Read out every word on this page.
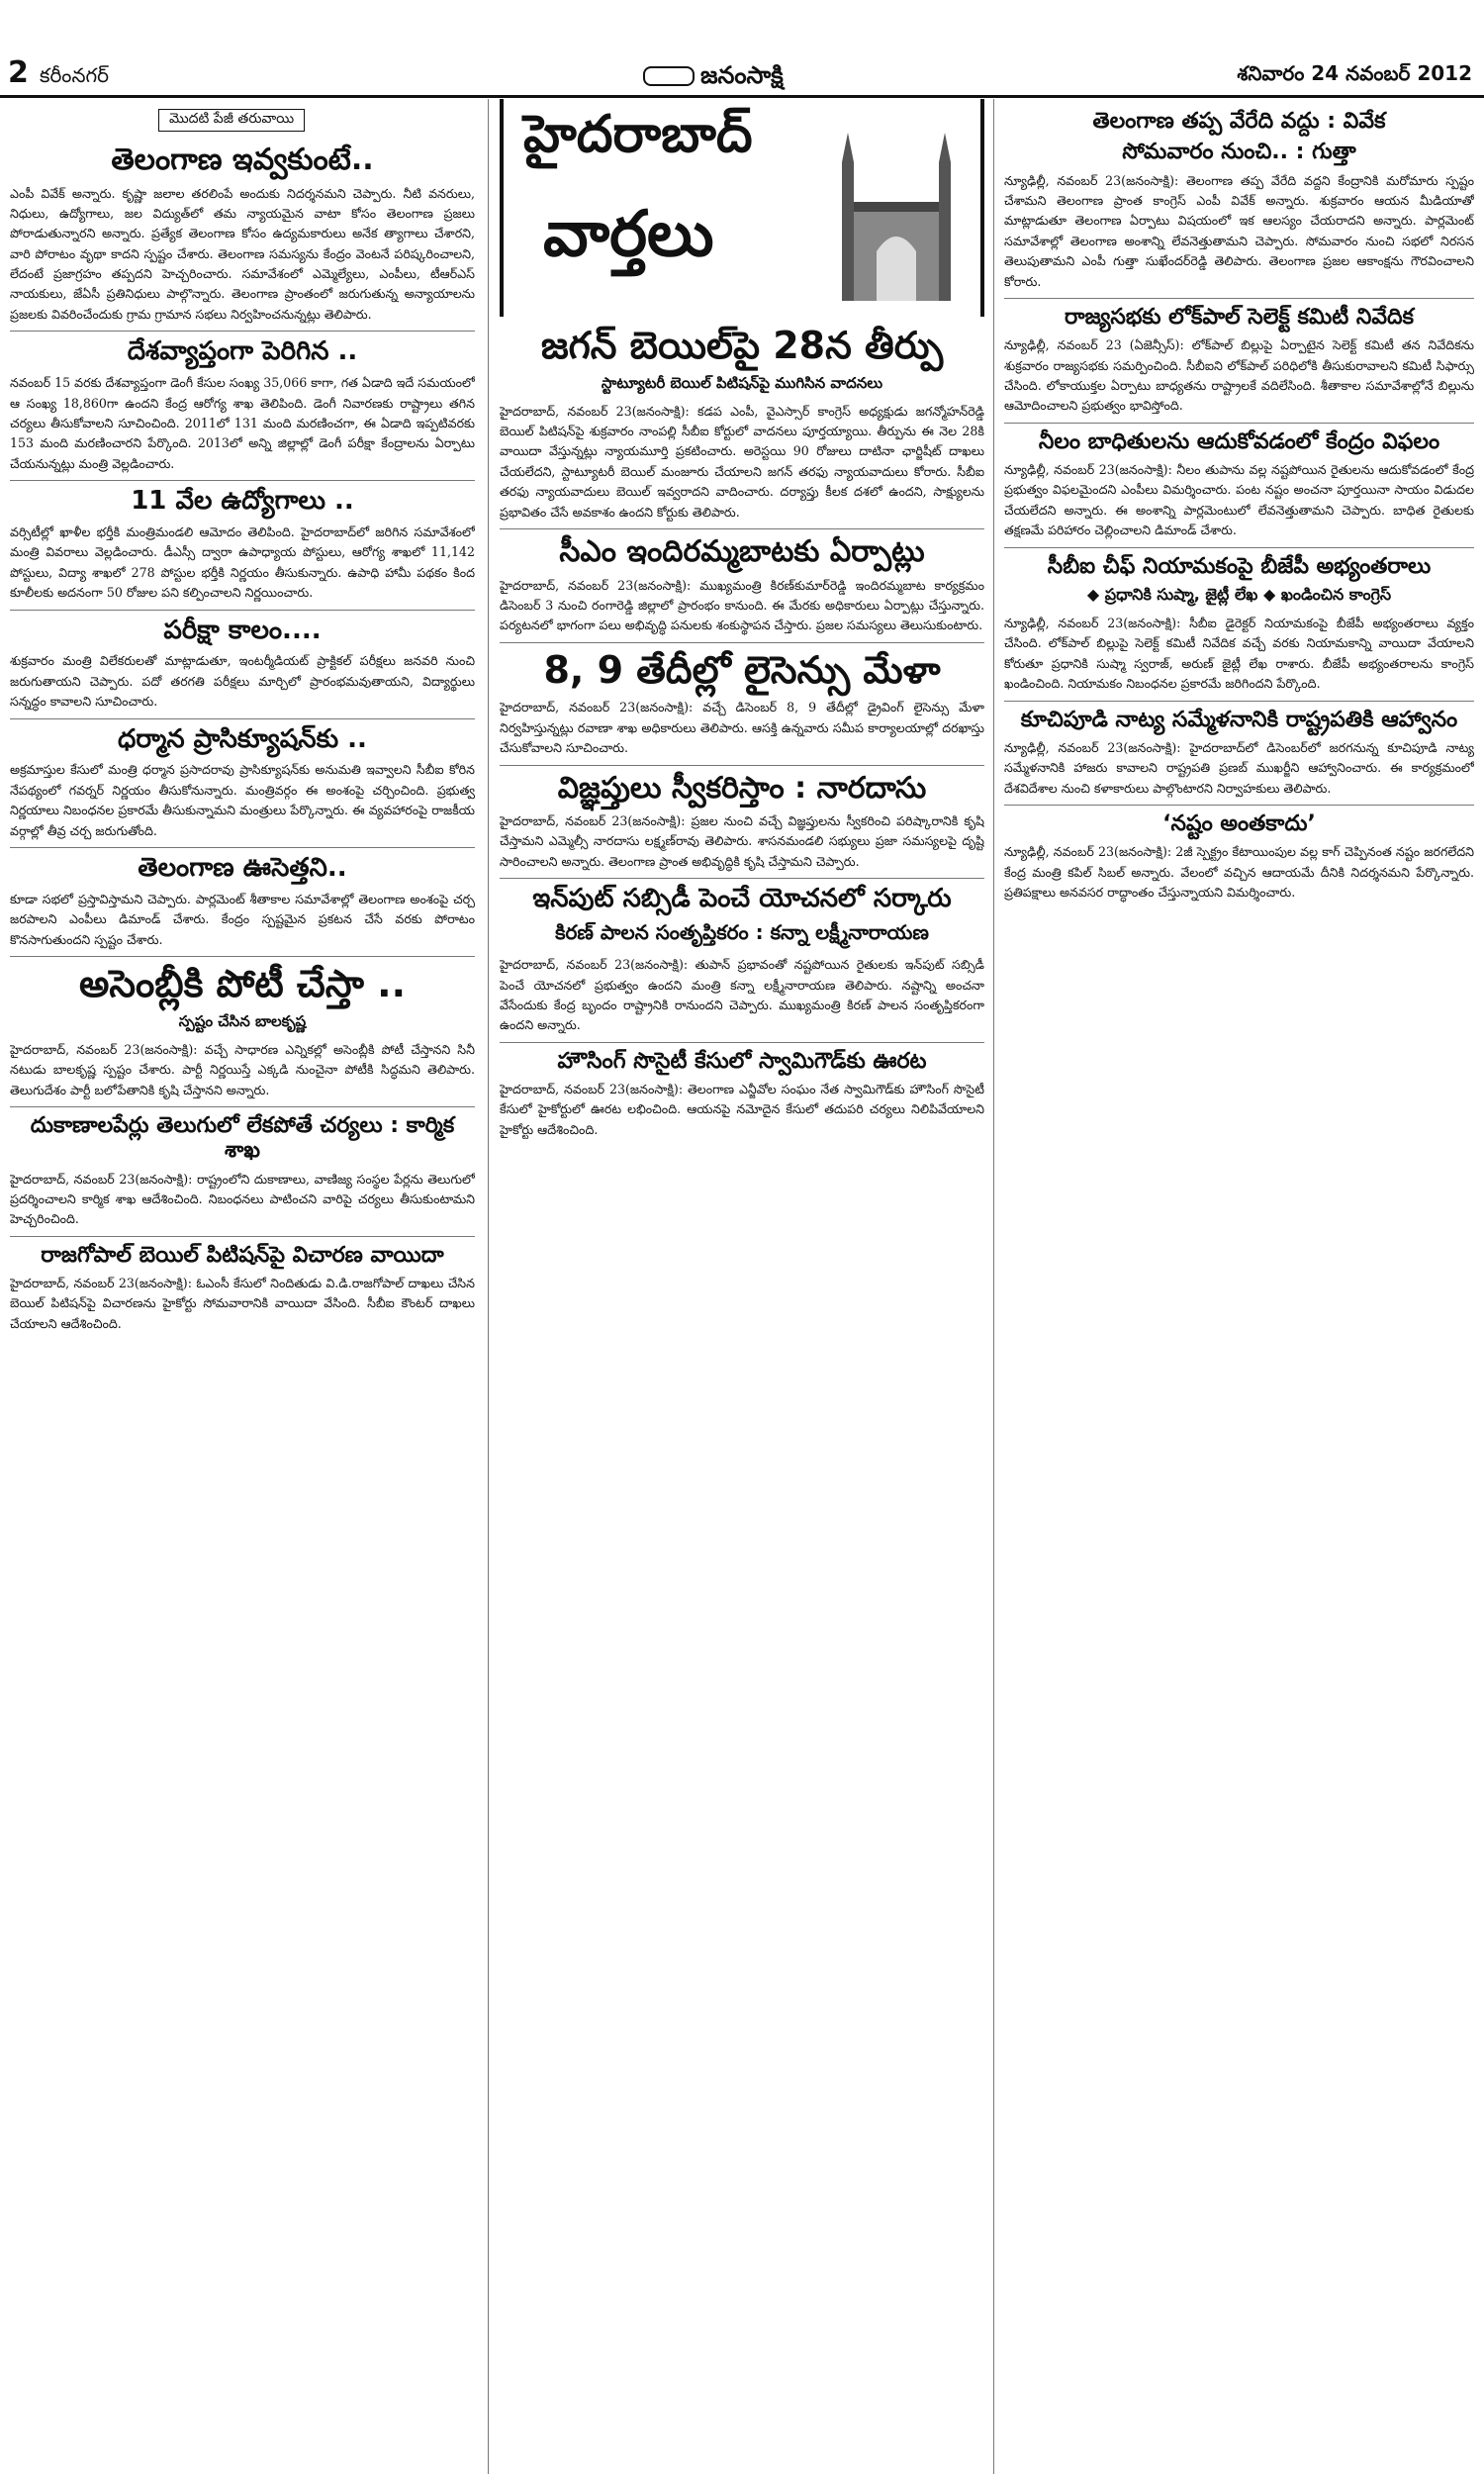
2 కరీంనగర్	జనంసాక్షి	శనివారం 24 నవంబర్ 2012
మొదటి పేజీ తరువాయి
తెలంగాణ ఇవ్వకుంటే..

ఎంపీ వివేక్ అన్నారు. కృష్ణా జలాల తరలింపే అందుకు నిదర్శనమని చెప్పారు. నీటి వనరులు, నిధులు, ఉద్యోగాలు, జల విద్యుత్‌లో తమ న్యాయమైన వాటా కోసం తెలంగాణ ప్రజలు పోరాడుతున్నారని అన్నారు. ప్రత్యేక తెలంగాణ కోసం ఉద్యమకారులు అనేక త్యాగాలు చేశారని, వారి పోరాటం వృథా కాదని స్పష్టం చేశారు. తెలంగాణ సమస్యను కేంద్రం వెంటనే పరిష్కరించాలని, లేదంటే ప్రజాగ్రహం తప్పదని హెచ్చరించారు. సమావేశంలో ఎమ్మెల్యేలు, ఎంపీలు, టీఆర్‌ఎస్ నాయకులు, జేఏసీ ప్రతినిధులు పాల్గొన్నారు. తెలంగాణ ప్రాంతంలో జరుగుతున్న అన్యాయాలను ప్రజలకు వివరించేందుకు గ్రామ గ్రామాన సభలు నిర్వహించనున్నట్లు తెలిపారు.

దేశవ్యాప్తంగా పెరిగిన ..

నవంబర్ 15 వరకు దేశవ్యాప్తంగా డెంగీ కేసుల సంఖ్య 35,066 కాగా, గత ఏడాది ఇదే సమయంలో ఆ సంఖ్య 18,860గా ఉందని కేంద్ర ఆరోగ్య శాఖ తెలిపింది. డెంగీ నివారణకు రాష్ట్రాలు తగిన చర్యలు తీసుకోవాలని సూచించింది. 2011లో 131 మంది మరణించగా, ఈ ఏడాది ఇప్పటివరకు 153 మంది మరణించారని పేర్కొంది. 2013లో అన్ని జిల్లాల్లో డెంగీ పరీక్షా కేంద్రాలను ఏర్పాటు చేయనున్నట్లు మంత్రి వెల్లడించారు.

11 వేల ఉద్యోగాలు ..

వర్సిటీల్లో ఖాళీల భర్తీకి మంత్రిమండలి ఆమోదం తెలిపింది. హైదరాబాద్‌లో జరిగిన సమావేశంలో మంత్రి వివరాలు వెల్లడించారు. డీఎస్సీ ద్వారా ఉపాధ్యాయ పోస్టులు, ఆరోగ్య శాఖలో 11,142 పోస్టులు, విద్యా శాఖలో 278 పోస్టుల భర్తీకి నిర్ణయం తీసుకున్నారు. ఉపాధి హామీ పథకం కింద కూలీలకు అదనంగా 50 రోజుల పని కల్పించాలని నిర్ణయించారు.

పరీక్షా కాలం....

శుక్రవారం మంత్రి విలేకరులతో మాట్లాడుతూ, ఇంటర్మీడియట్ ప్రాక్టికల్ పరీక్షలు జనవరి నుంచి జరుగుతాయని చెప్పారు. పదో తరగతి పరీక్షలు మార్చిలో ప్రారంభమవుతాయని, విద్యార్థులు సన్నద్ధం కావాలని సూచించారు.

ధర్మాన ప్రాసిక్యూషన్‌కు ..

అక్రమాస్తుల కేసులో మంత్రి ధర్మాన ప్రసాదరావు ప్రాసిక్యూషన్‌కు అనుమతి ఇవ్వాలని సీబీఐ కోరిన నేపథ్యంలో గవర్నర్ నిర్ణయం తీసుకోనున్నారు. మంత్రివర్గం ఈ అంశంపై చర్చించింది. ప్రభుత్వ నిర్ణయాలు నిబంధనల ప్రకారమే తీసుకున్నామని మంత్రులు పేర్కొన్నారు. ఈ వ్యవహారంపై రాజకీయ వర్గాల్లో తీవ్ర చర్చ జరుగుతోంది.

తెలంగాణ ఊసెత్తని..

కూడా సభలో ప్రస్తావిస్తామని చెప్పారు. పార్లమెంట్ శీతాకాల సమావేశాల్లో తెలంగాణ అంశంపై చర్చ జరపాలని ఎంపీలు డిమాండ్ చేశారు. కేంద్రం స్పష్టమైన ప్రకటన చేసే వరకు పోరాటం కొనసాగుతుందని స్పష్టం చేశారు.

అసెంబ్లీకి పోటీ చేస్తా ..
స్పష్టం చేసిన బాలకృష్ణ

హైదరాబాద్, నవంబర్ 23(జనంసాక్షి): వచ్చే సాధారణ ఎన్నికల్లో అసెంబ్లీకి పోటీ చేస్తానని సినీ నటుడు బాలకృష్ణ స్పష్టం చేశారు. పార్టీ నిర్ణయిస్తే ఎక్కడి నుంచైనా పోటీకి సిద్ధమని తెలిపారు. తెలుగుదేశం పార్టీ బలోపేతానికి కృషి చేస్తానని అన్నారు.

దుకాణాలపేర్లు తెలుగులో లేకపోతే చర్యలు : కార్మిక శాఖ

హైదరాబాద్, నవంబర్ 23(జనంసాక్షి): రాష్ట్రంలోని దుకాణాలు, వాణిజ్య సంస్థల పేర్లను తెలుగులో ప్రదర్శించాలని కార్మిక శాఖ ఆదేశించింది. నిబంధనలు పాటించని వారిపై చర్యలు తీసుకుంటామని హెచ్చరించింది.

రాజగోపాల్ బెయిల్ పిటిషన్‌పై విచారణ వాయిదా

హైదరాబాద్, నవంబర్ 23(జనంసాక్షి): ఓఎంసీ కేసులో నిందితుడు వి.డి.రాజగోపాల్ దాఖలు చేసిన బెయిల్ పిటిషన్‌పై విచారణను హైకోర్టు సోమవారానికి వాయిదా వేసింది. సీబీఐ కౌంటర్ దాఖలు చేయాలని ఆదేశించింది.

హైదరాబాద్
వార్తలు
జగన్ బెయిల్‌పై 28న తీర్పు
స్టాట్యూటరీ బెయిల్ పిటిషన్‌పై ముగిసిన వాదనలు

హైదరాబాద్, నవంబర్ 23(జనంసాక్షి): కడప ఎంపీ, వైఎస్సార్ కాంగ్రెస్ అధ్యక్షుడు జగన్మోహన్‌రెడ్డి బెయిల్ పిటిషన్‌పై శుక్రవారం నాంపల్లి సీబీఐ కోర్టులో వాదనలు పూర్తయ్యాయి. తీర్పును ఈ నెల 28కి వాయిదా వేస్తున్నట్లు న్యాయమూర్తి ప్రకటించారు. అరెస్టయి 90 రోజులు దాటినా ఛార్జిషీట్ దాఖలు చేయలేదని, స్టాట్యూటరీ బెయిల్ మంజూరు చేయాలని జగన్ తరఫు న్యాయవాదులు కోరారు. సీబీఐ తరఫు న్యాయవాదులు బెయిల్ ఇవ్వరాదని వాదించారు. దర్యాప్తు కీలక దశలో ఉందని, సాక్ష్యులను ప్రభావితం చేసే అవకాశం ఉందని కోర్టుకు తెలిపారు.

సీఎం ఇందిరమ్మబాటకు ఏర్పాట్లు

హైదరాబాద్, నవంబర్ 23(జనంసాక్షి): ముఖ్యమంత్రి కిరణ్‌కుమార్‌రెడ్డి ఇందిరమ్మబాట కార్యక్రమం డిసెంబర్ 3 నుంచి రంగారెడ్డి జిల్లాలో ప్రారంభం కానుంది. ఈ మేరకు అధికారులు ఏర్పాట్లు చేస్తున్నారు. పర్యటనలో భాగంగా పలు అభివృద్ధి పనులకు శంకుస్థాపన చేస్తారు. ప్రజల సమస్యలు తెలుసుకుంటారు.

8, 9 తేదీల్లో లైసెన్సు మేళా

హైదరాబాద్, నవంబర్ 23(జనంసాక్షి): వచ్చే డిసెంబర్ 8, 9 తేదీల్లో డ్రైవింగ్ లైసెన్సు మేళా నిర్వహిస్తున్నట్లు రవాణా శాఖ అధికారులు తెలిపారు. ఆసక్తి ఉన్నవారు సమీప కార్యాలయాల్లో దరఖాస్తు చేసుకోవాలని సూచించారు.

విజ్ఞప్తులు స్వీకరిస్తాం : నారదాసు

హైదరాబాద్, నవంబర్ 23(జనంసాక్షి): ప్రజల నుంచి వచ్చే విజ్ఞప్తులను స్వీకరించి పరిష్కారానికి కృషి చేస్తామని ఎమ్మెల్సీ నారదాసు లక్ష్మణ్‌రావు తెలిపారు. శాసనమండలి సభ్యులు ప్రజా సమస్యలపై దృష్టి సారించాలని అన్నారు. తెలంగాణ ప్రాంత అభివృద్ధికి కృషి చేస్తామని చెప్పారు.

ఇన్‌పుట్ సబ్సిడీ పెంచే యోచనలో సర్కారు
కిరణ్ పాలన సంతృప్తికరం : కన్నా లక్ష్మీనారాయణ

హైదరాబాద్, నవంబర్ 23(జనంసాక్షి): తుపాన్ ప్రభావంతో నష్టపోయిన రైతులకు ఇన్‌పుట్ సబ్సిడీ పెంచే యోచనలో ప్రభుత్వం ఉందని మంత్రి కన్నా లక్ష్మీనారాయణ తెలిపారు. నష్టాన్ని అంచనా వేసేందుకు కేంద్ర బృందం రాష్ట్రానికి రానుందని చెప్పారు. ముఖ్యమంత్రి కిరణ్ పాలన సంతృప్తికరంగా ఉందని అన్నారు.

హౌసింగ్ సొసైటీ కేసులో స్వామిగౌడ్‌కు ఊరట

హైదరాబాద్, నవంబర్ 23(జనంసాక్షి): తెలంగాణ ఎన్జీవోల సంఘం నేత స్వామిగౌడ్‌కు హౌసింగ్ సొసైటీ కేసులో హైకోర్టులో ఊరట లభించింది. ఆయనపై నమోదైన కేసులో తదుపరి చర్యలు నిలిపివేయాలని హైకోర్టు ఆదేశించింది.

తెలంగాణ తప్ప వేరేది వద్దు : వివేక
సోమవారం నుంచి.. : గుత్తా

న్యూఢిల్లీ, నవంబర్ 23(జనంసాక్షి): తెలంగాణ తప్ప వేరేది వద్దని కేంద్రానికి మరోమారు స్పష్టం చేశామని తెలంగాణ ప్రాంత కాంగ్రెస్ ఎంపీ వివేక్ అన్నారు. శుక్రవారం ఆయన మీడియాతో మాట్లాడుతూ తెలంగాణ ఏర్పాటు విషయంలో ఇక ఆలస్యం చేయరాదని అన్నారు. పార్లమెంట్ సమావేశాల్లో తెలంగాణ అంశాన్ని లేవనెత్తుతామని చెప్పారు. సోమవారం నుంచి సభలో నిరసన తెలుపుతామని ఎంపీ గుత్తా సుఖేందర్‌రెడ్డి తెలిపారు. తెలంగాణ ప్రజల ఆకాంక్షను గౌరవించాలని కోరారు.

రాజ్యసభకు లోక్‌పాల్ సెలెక్ట్ కమిటీ నివేదిక

న్యూఢిల్లీ, నవంబర్ 23 (ఏజెన్సీస్): లోక్‌పాల్ బిల్లుపై ఏర్పాటైన సెలెక్ట్ కమిటీ తన నివేదికను శుక్రవారం రాజ్యసభకు సమర్పించింది. సీబీఐని లోక్‌పాల్ పరిధిలోకి తీసుకురావాలని కమిటీ సిఫార్సు చేసింది. లోకాయుక్తల ఏర్పాటు బాధ్యతను రాష్ట్రాలకే వదిలేసింది. శీతాకాల సమావేశాల్లోనే బిల్లును ఆమోదించాలని ప్రభుత్వం భావిస్తోంది.

నీలం బాధితులను ఆదుకోవడంలో కేంద్రం విఫలం

న్యూఢిల్లీ, నవంబర్ 23(జనంసాక్షి): నీలం తుపాను వల్ల నష్టపోయిన రైతులను ఆదుకోవడంలో కేంద్ర ప్రభుత్వం విఫలమైందని ఎంపీలు విమర్శించారు. పంట నష్టం అంచనా పూర్తయినా సాయం విడుదల చేయలేదని అన్నారు. ఈ అంశాన్ని పార్లమెంటులో లేవనెత్తుతామని చెప్పారు. బాధిత రైతులకు తక్షణమే పరిహారం చెల్లించాలని డిమాండ్ చేశారు.

సీబీఐ చీఫ్ నియామకంపై బీజేపీ అభ్యంతరాలు
◆ ప్రధానికి సుష్మా, జైట్లీ లేఖ ◆ ఖండించిన కాంగ్రెస్

న్యూఢిల్లీ, నవంబర్ 23(జనంసాక్షి): సీబీఐ డైరెక్టర్ నియామకంపై బీజేపీ అభ్యంతరాలు వ్యక్తం చేసింది. లోక్‌పాల్ బిల్లుపై సెలెక్ట్ కమిటీ నివేదిక వచ్చే వరకు నియామకాన్ని వాయిదా వేయాలని కోరుతూ ప్రధానికి సుష్మా స్వరాజ్, అరుణ్ జైట్లీ లేఖ రాశారు. బీజేపీ అభ్యంతరాలను కాంగ్రెస్ ఖండించింది. నియామకం నిబంధనల ప్రకారమే జరిగిందని పేర్కొంది.

కూచిపూడి నాట్య సమ్మేళనానికి రాష్ట్రపతికి ఆహ్వానం

న్యూఢిల్లీ, నవంబర్ 23(జనంసాక్షి): హైదరాబాద్‌లో డిసెంబర్‌లో జరగనున్న కూచిపూడి నాట్య సమ్మేళనానికి హాజరు కావాలని రాష్ట్రపతి ప్రణబ్ ముఖర్జీని ఆహ్వానించారు. ఈ కార్యక్రమంలో దేశవిదేశాల నుంచి కళాకారులు పాల్గొంటారని నిర్వాహకులు తెలిపారు.

‘నష్టం అంతకాదు’

న్యూఢిల్లీ, నవంబర్ 23(జనంసాక్షి): 2జీ స్పెక్ట్రం కేటాయింపుల వల్ల కాగ్ చెప్పినంత నష్టం జరగలేదని కేంద్ర మంత్రి కపిల్ సిబల్ అన్నారు. వేలంలో వచ్చిన ఆదాయమే దీనికి నిదర్శనమని పేర్కొన్నారు. ప్రతిపక్షాలు అనవసర రాద్ధాంతం చేస్తున్నాయని విమర్శించారు.
